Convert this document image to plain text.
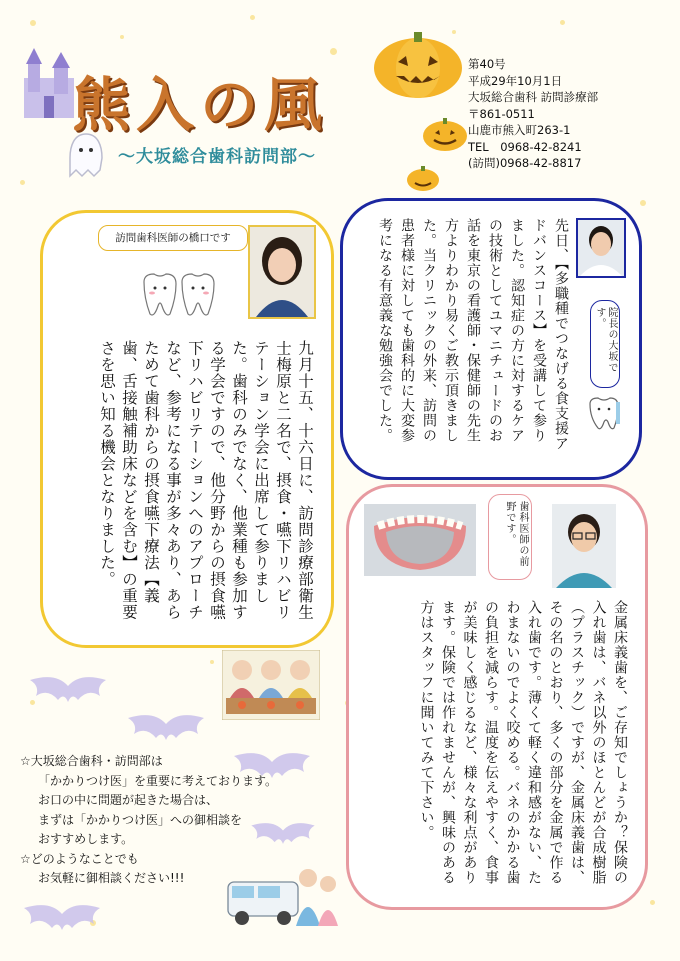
熊入の風
～大坂総合歯科訪問部～
第40号
平成29年10月1日
大坂総合歯科 訪問診療部
〒861-0511
山鹿市熊入町263-1
TEL　0968-42-8241
(訪問)0968-42-8817
訪問歯科医師の橋口です
九月十五、十六日に、訪問診療部衛生士梅原と二名で、摂食・嚥下リハビリテーション学会に出席して参りました。歯科のみでなく、他業種も参加する学会ですので、他分野からの摂食嚥下リハビリテーションへのアプローチなど、参考になる事が多々あり、あらためて歯科からの摂食嚥下療法【義歯、舌接触補助床などを含む】の重要さを思い知る機会となりました。
先日、【多職種でつなげる食支援アドバンスコース】を受講して参りました。認知症の方に対するケアの技術としてユマニチュードのお話を東京の看護師・保健師の先生方よりわかり易くご教示頂きました。当クリニックの外来、訪問の患者様に対しても歯科的に大変参考になる有意義な勉強会でした。	院長の大坂です。
歯科医師の前野です。
金属床義歯を、ご存知でしょうか？保険の入れ歯は、バネ以外のほとんどが合成樹脂（プラスチック）ですが、金属床義歯は、その名のとおり、多くの部分を金属で作る入れ歯です。薄くて軽く違和感がない、たわまないのでよく咬める。バネのかかる歯の負担を減らす。温度を伝えやすく、食事が美味しく感じるなど、様々な利点があります。保険では作れませんが、興味のある方はスタッフに聞いてみて下さい。
☆大坂総合歯科・訪問部は
「かかりつけ医」を重要に考えております。
お口の中に問題が起きた場合は、
まずは「かかりつけ医」への御相談を
おすすめします。
☆どのようなことでも
お気軽に御相談ください!!!
